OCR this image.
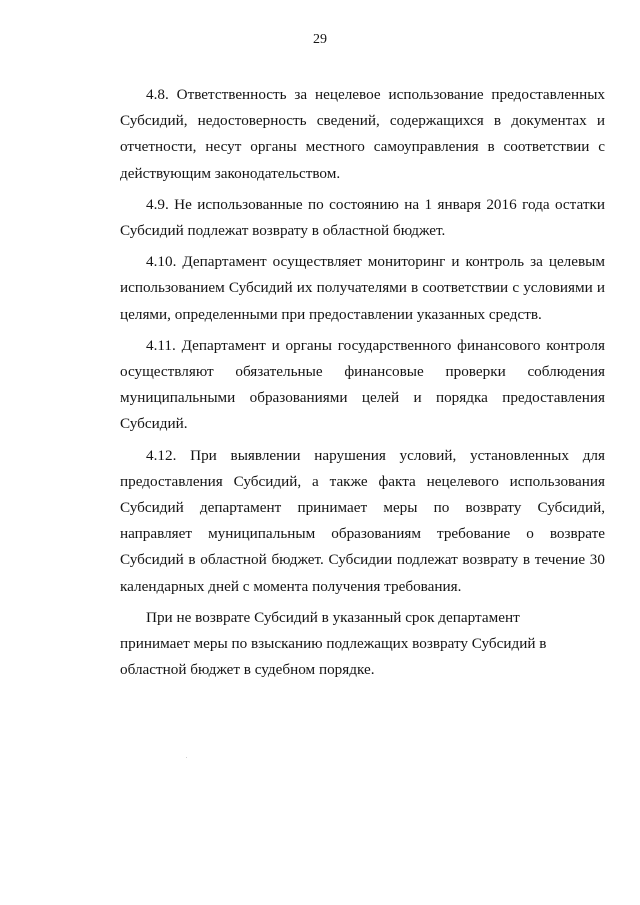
29

4.8. Ответственность за нецелевое использование предоставленных Субсидий, недостоверность сведений, содержащихся в документах и отчетности, несут органы местного самоуправления в соответствии с действующим законодательством.

4.9. Не использованные по состоянию на 1 января 2016 года остатки Субсидий подлежат возврату в областной бюджет.

4.10. Департамент осуществляет мониторинг и контроль за целевым использованием Субсидий их получателями в соответствии с условиями и целями, определенными при предоставлении указанных средств.

4.11. Департамент и органы государственного финансового контроля
осуществляют обязательные финансовые проверки соблюдения
муниципальными образованиями целей и порядка предоставления
Субсидий.

4.12. При выявлении нарушения условий, установленных для предоставления Субсидий, а также факта нецелевого использования Субсидий департамент принимает меры по возврату Субсидий, направляет муниципальным образованиям требование о возврате Субсидий в областной бюджет. Субсидии подлежат возврату в течение 30 календарных дней с момента получения требования.

При не возврате Субсидий в указанный срок департамент принимает меры по взысканию подлежащих возврату Субсидий в областной бюджет в судебном порядке.
